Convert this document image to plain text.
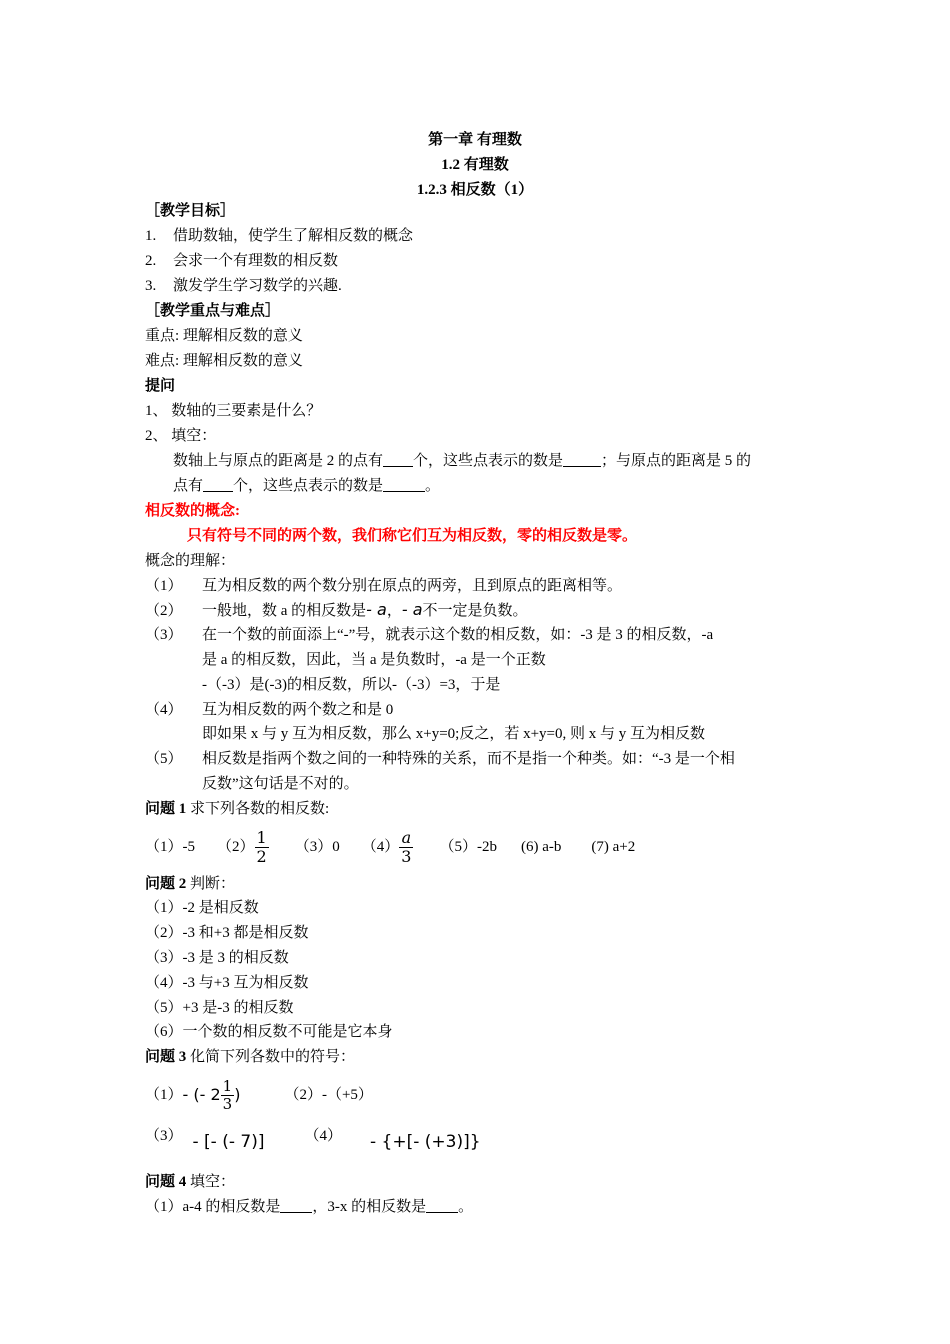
第一章 有理数
1.2 有理数
1.2.3 相反数（1）
［教学目标］
1. 借助数轴，使学生了解相反数的概念
2. 会求一个有理数的相反数
3. 激发学生学习数学的兴趣.
［教学重点与难点］
重点: 理解相反数的意义
难点: 理解相反数的意义
提问
1、 数轴的三要素是什么？
2、 填空：
数轴上与原点的距离是 2 的点有 个，这些点表示的数是	；与原点的距离是 5 的
点有 个，这些点表示的数是	。
相反数的概念:
只有符号不同的两个数，我们称它们互为相反数，零的相反数是零。
概念的理解：
（1） 互为相反数的两个数分别在原点的两旁，且到原点的距离相等。
（2） 一般地，数 a 的相反数是- a，- a不一定是负数。
（3） 在一个数的前面添上“-”号，就表示这个数的相反数，如：-3 是 3 的相反数，-a
是 a 的相反数，因此，当 a 是负数时，-a 是一个正数
-（-3）是(-3)的相反数，所以-（-3）=3，于是
（4） 互为相反数的两个数之和是 0
即如果 x 与 y 互为相反数，那么 x+y=0;反之，若 x+y=0, 则 x 与 y 互为相反数
（5） 相反数是指两个数之间的一种特殊的关系，而不是指一个种类。如：“-3 是一个相
反数”这句话是不对的。
问题 1 求下列各数的相反数:
（1） -5 $(2) \frac{1}{2} (3)$ 0 $(4) \frac{a}{3} (5)$ -2b (6)
a-b (7)
a+2
问题 2 判断：
（1）-2 是相反数
（2）-3 和+3 都是相反数
（3）-3 是 3 的相反数
（4）-3 与+3 互为相反数
（5）+3 是-3 的相反数
（6）一个数的相反数不可能是它本身
问题 3 化简下列各数中的符号：
（1） - (- $2 \frac{1}{3}$ )	（2）-（+5）
（3） - [- (- 7)]	（4） - {+[- (+3)]}
问题 4 填空：
（1）a-4 的相反数是 ，3-x 的相反数是 。
